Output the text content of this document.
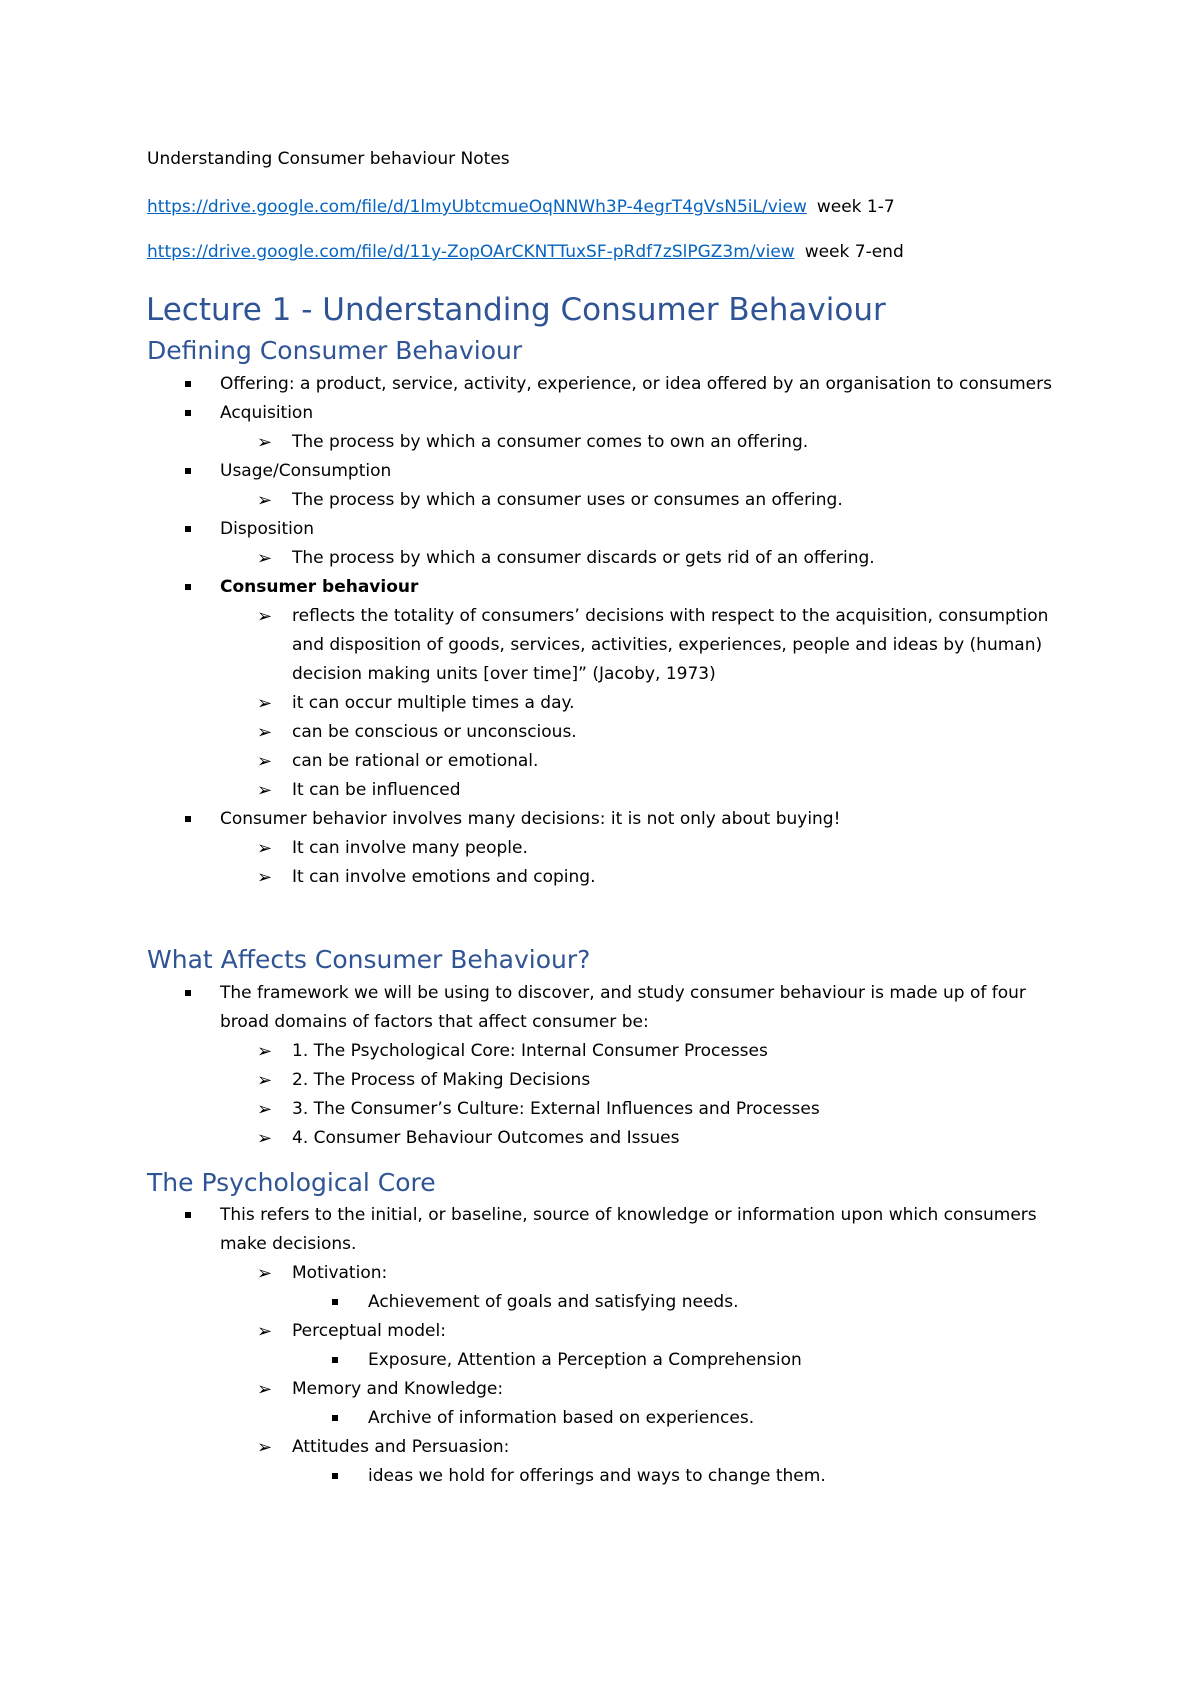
Understanding Consumer behaviour Notes

https://drive.google.com/file/d/1lmyUbtcmueOqNNWh3P-4egrT4gVsN5iL/view week 1-7

https://drive.google.com/file/d/11y-ZopOArCKNTTuxSF-pRdf7zSlPGZ3m/view week 7-end

Lecture 1 - Understanding Consumer Behaviour
Defining Consumer Behaviour
Offering: a product, service, activity, experience, or idea offered by an organisation to consumers
Acquisition
➢ The process by which a consumer comes to own an offering.
Usage/Consumption
➢ The process by which a consumer uses or consumes an offering.
Disposition
➢ The process by which a consumer discards or gets rid of an offering.
Consumer behaviour
➢ reflects the totality of consumers’ decisions with respect to the acquisition, consumption and disposition of goods, services, activities, experiences, people and ideas by (human) decision making units [over time]” (Jacoby, 1973)
➢ it can occur multiple times a day.
➢ can be conscious or unconscious.
➢ can be rational or emotional.
➢ It can be influenced
Consumer behavior involves many decisions: it is not only about buying!
➢ It can involve many people.
➢ It can involve emotions and coping.
What Affects Consumer Behaviour?
The framework we will be using to discover, and study consumer behaviour is made up of four broad domains of factors that affect consumer be:
➢ 1. The Psychological Core: Internal Consumer Processes
➢ 2. The Process of Making Decisions
➢ 3. The Consumer’s Culture: External Influences and Processes
➢ 4. Consumer Behaviour Outcomes and Issues
The Psychological Core
This refers to the initial, or baseline, source of knowledge or information upon which consumers make decisions.
➢ Motivation:
Achievement of goals and satisfying needs.
➢ Perceptual model:
Exposure, Attention a Perception a Comprehension
➢ Memory and Knowledge:
Archive of information based on experiences.
➢ Attitudes and Persuasion:
ideas we hold for offerings and ways to change them.
